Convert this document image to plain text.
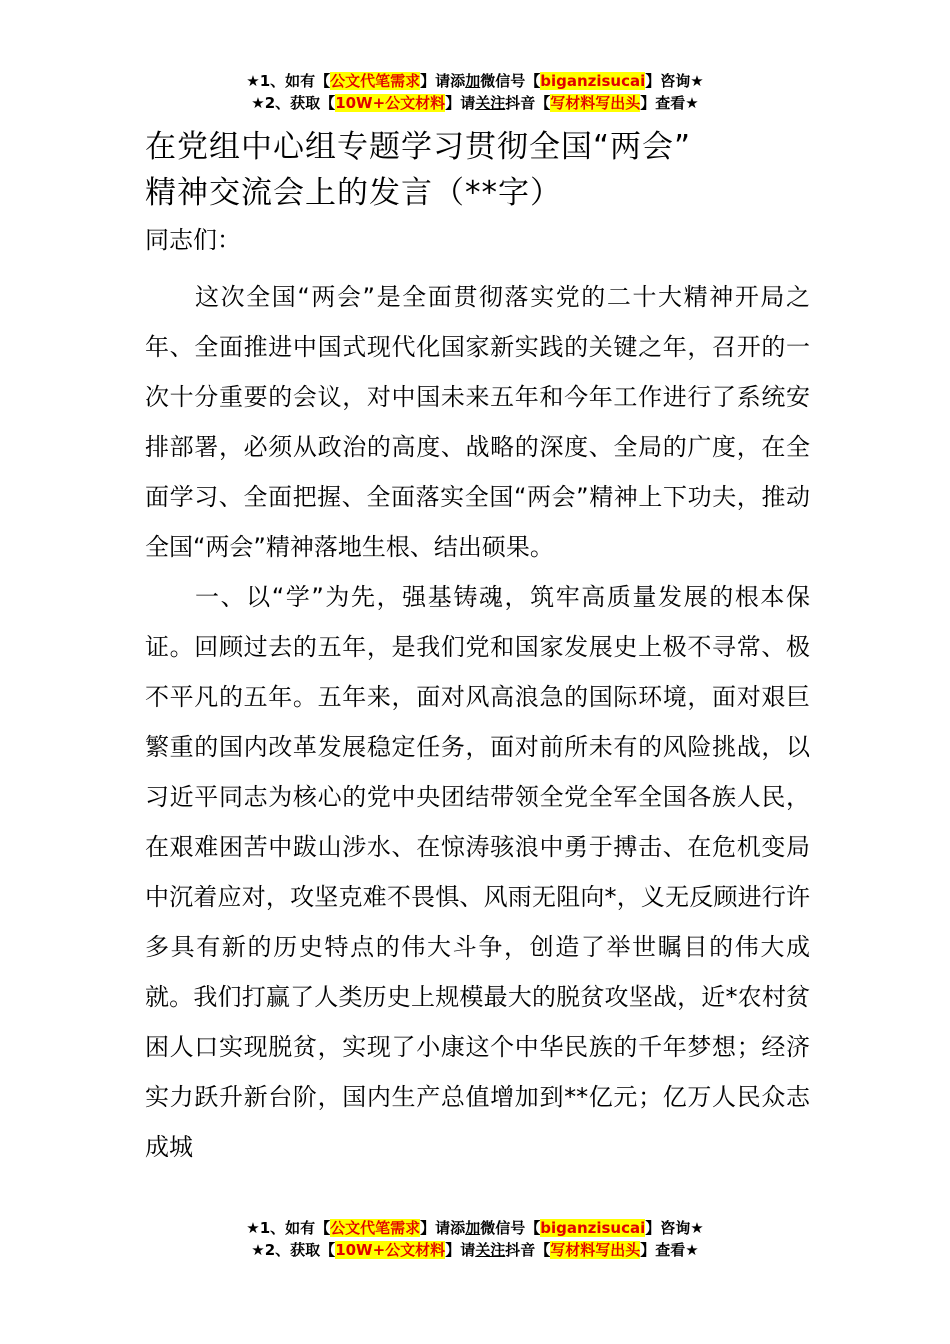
★1、如有【公文代笔需求】请添加微信号【biganzisucai】咨询★
★2、获取【10W+公文材料】请关注抖音【写材料写出头】查看★
在党组中心组专题学习贯彻全国“两会”
精神交流会上的发言（**字）

同志们：

这次全国“两会”是全面贯彻落实党的二十大精神开局之年、全面推进中国式现代化国家新实践的关键之年，召开的一次十分重要的会议，对中国未来五年和今年工作进行了系统安排部署，必须从政治的高度、战略的深度、全局的广度，在全面学习、全面把握、全面落实全国“两会”精神上下功夫，推动全国“两会”精神落地生根、结出硕果。

一、以“学”为先，强基铸魂，筑牢高质量发展的根本保证。回顾过去的五年，是我们党和国家发展史上极不寻常、极不平凡的五年。五年来，面对风高浪急的国际环境，面对艰巨繁重的国内改革发展稳定任务，面对前所未有的风险挑战，以习近平同志为核心的党中央团结带领全党全军全国各族人民，在艰难困苦中跋山涉水、在惊涛骇浪中勇于搏击、在危机变局中沉着应对，攻坚克难不畏惧、风雨无阻向*，义无反顾进行许多具有新的历史特点的伟大斗争，创造了举世瞩目的伟大成就。我们打赢了人类历史上规模最大的脱贫攻坚战，近*农村贫困人口实现脱贫，实现了小康这个中华民族的千年梦想；经济实力跃升新台阶，国内生产总值增加到**亿元；亿万人民众志成城

★1、如有【公文代笔需求】请添加微信号【biganzisucai】咨询★
★2、获取【10W+公文材料】请关注抖音【写材料写出头】查看★
